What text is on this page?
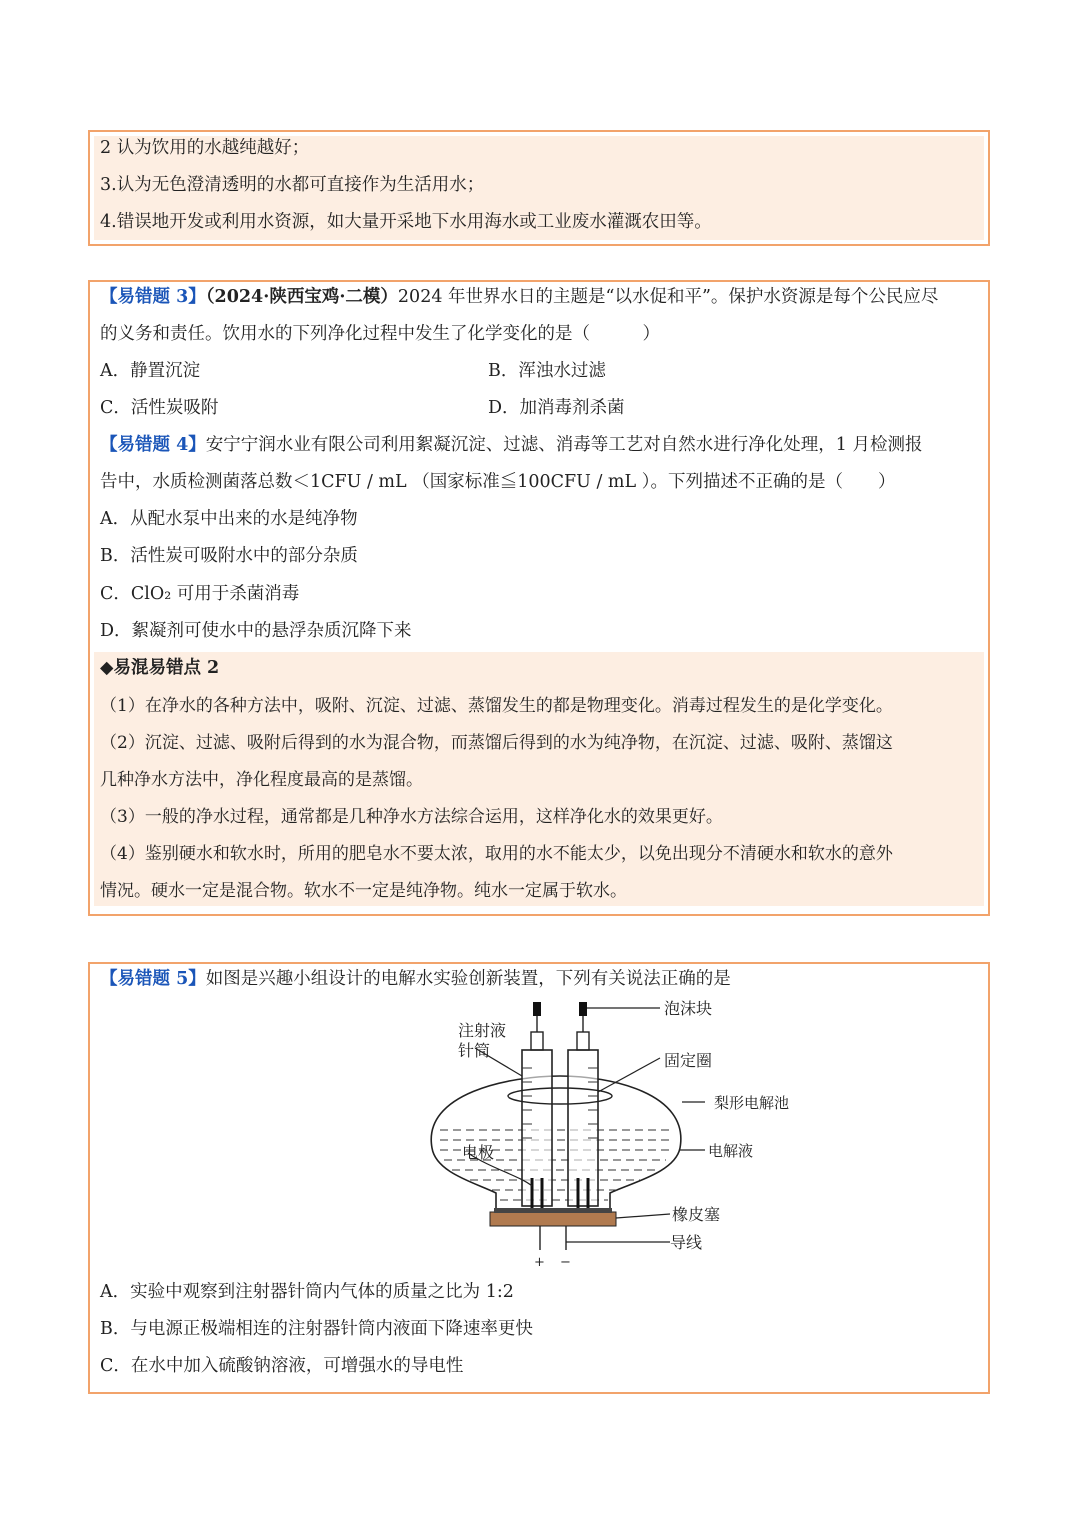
2 认为饮用的水越纯越好；
3.认为无色澄清透明的水都可直接作为生活用水；
4.错误地开发或利用水资源，如大量开采地下水用海水或工业废水灌溉农田等。
【易错题 3】（2024·陕西宝鸡·二模）2024 年世界水日的主题是“以水促和平”。保护水资源是每个公民应尽
的义务和责任。饮用水的下列净化过程中发生了化学变化的是（　　　）
A．静置沉淀	B．浑浊水过滤
C．活性炭吸附	D．加消毒剂杀菌
【易错题 4】安宁宁润水业有限公司利用絮凝沉淀、过滤、消毒等工艺对自然水进行净化处理，1 月检测报
告中，水质检测菌落总数＜1CFU / mL （国家标准≦100CFU / mL ）。下列描述不正确的是（　　）
A．从配水泵中出来的水是纯净物
B．活性炭可吸附水中的部分杂质
C．ClO₂ 可用于杀菌消毒
D．絮凝剂可使水中的悬浮杂质沉降下来
◆易混易错点 2
（1）在净水的各种方法中，吸附、沉淀、过滤、蒸馏发生的都是物理变化。消毒过程发生的是化学变化。
（2）沉淀、过滤、吸附后得到的水为混合物，而蒸馏后得到的水为纯净物，在沉淀、过滤、吸附、蒸馏这
几种净水方法中，净化程度最高的是蒸馏。
（3）一般的净水过程，通常都是几种净水方法综合运用，这样净化水的效果更好。
（4）鉴别硬水和软水时，所用的肥皂水不要太浓，取用的水不能太少，以免出现分不清硬水和软水的意外
情况。硬水一定是混合物。软水不一定是纯净物。纯水一定属于软水。
【易错题 5】如图是兴趣小组设计的电解水实验创新装置，下列有关说法正确的是
泡沫块
注射液
针筒
固定圈
梨形电解池
电极	电解液
橡皮塞
导线
+ −
A．实验中观察到注射器针筒内气体的质量之比为 1:2
B．与电源正极端相连的注射器针筒内液面下降速率更快
C．在水中加入硫酸钠溶液，可增强水的导电性
